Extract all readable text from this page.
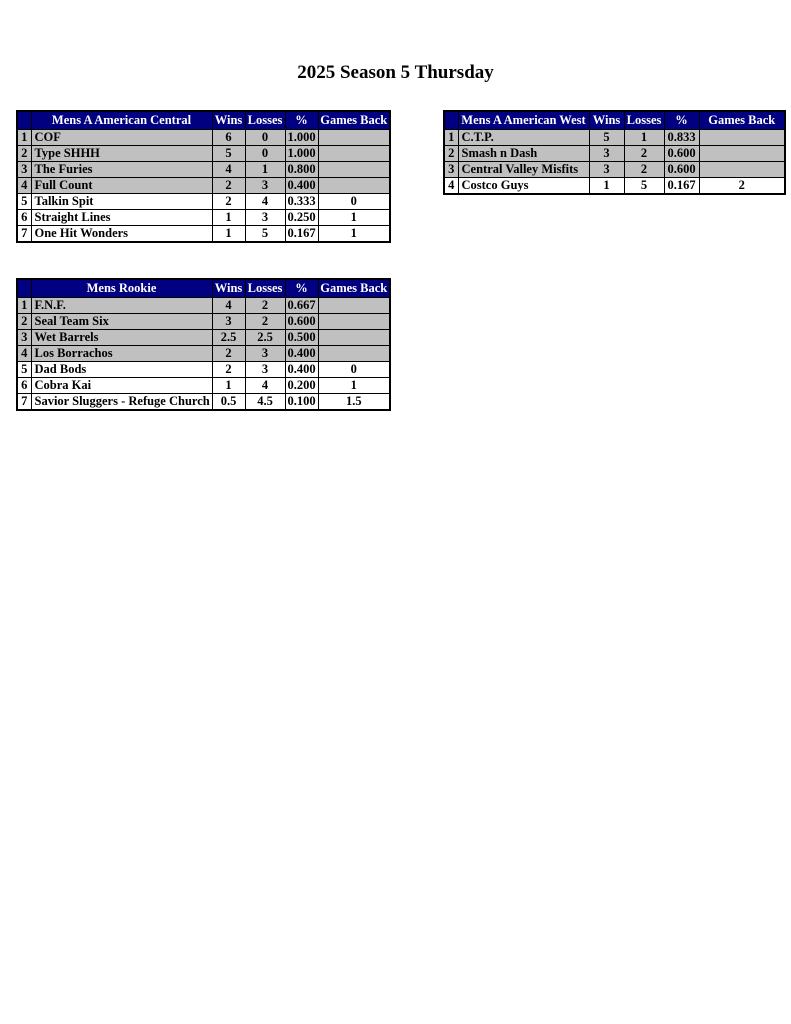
2025 Season 5 Thursday
	Mens A American Central	Wins	Losses	%	Games Back
1	COF	6	0	1.000	
2	Type SHHH	5	0	1.000	
3	The Furies	4	1	0.800	
4	Full Count	2	3	0.400	
5	Talkin Spit	2	4	0.333	0
6	Straight Lines	1	3	0.250	1
7	One Hit Wonders	1	5	0.167	1
	Mens A American West	Wins	Losses	%	Games Back
1	C.T.P.	5	1	0.833	
2	Smash n Dash	3	2	0.600	
3	Central Valley Misfits	3	2	0.600	
4	Costco Guys	1	5	0.167	2
	Mens Rookie	Wins	Losses	%	Games Back
1	F.N.F.	4	2	0.667	
2	Seal Team Six	3	2	0.600	
3	Wet Barrels	2.5	2.5	0.500	
4	Los Borrachos	2	3	0.400	
5	Dad Bods	2	3	0.400	0
6	Cobra Kai	1	4	0.200	1
7	Savior Sluggers - Refuge Church	0.5	4.5	0.100	1.5
